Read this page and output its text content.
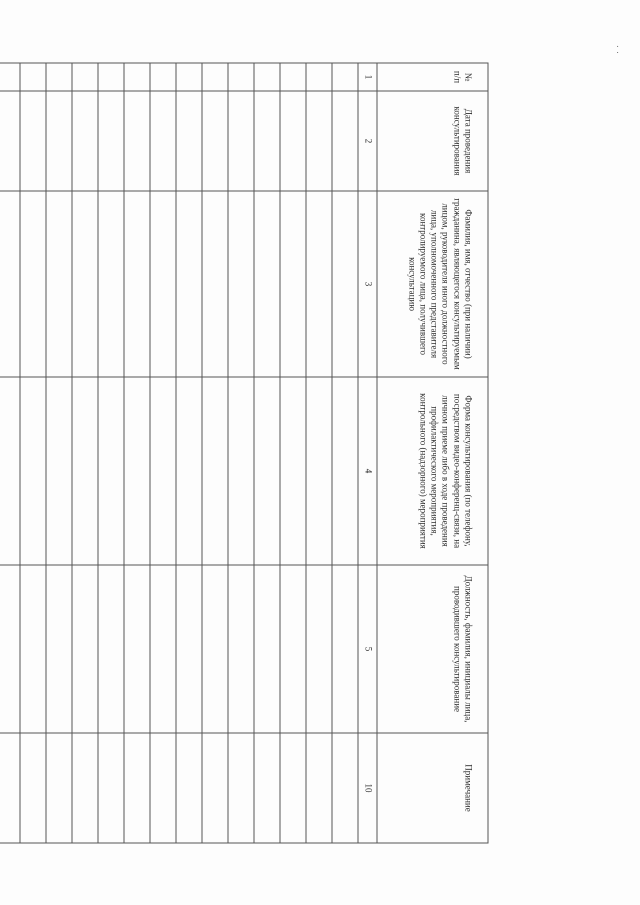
· ·
№ п/п	Дата проведения консультирования	Фамилия, имя, отчество (при наличии) гражданина, являющегося консультируемым лицом, руководителя иного должностного лица, уполномоченного представителя контролируемого лица, получившего консультацию	Форма консультирования (по телефону, посредством видео-конференц-связи, на личном приеме либо в ходе проведения профилактического мероприятия, контрольного (надзорного) мероприятия	Должность, фамилия, инициалы лица, проводившего консультирование	Примечание
1	2	3	4	5	10
